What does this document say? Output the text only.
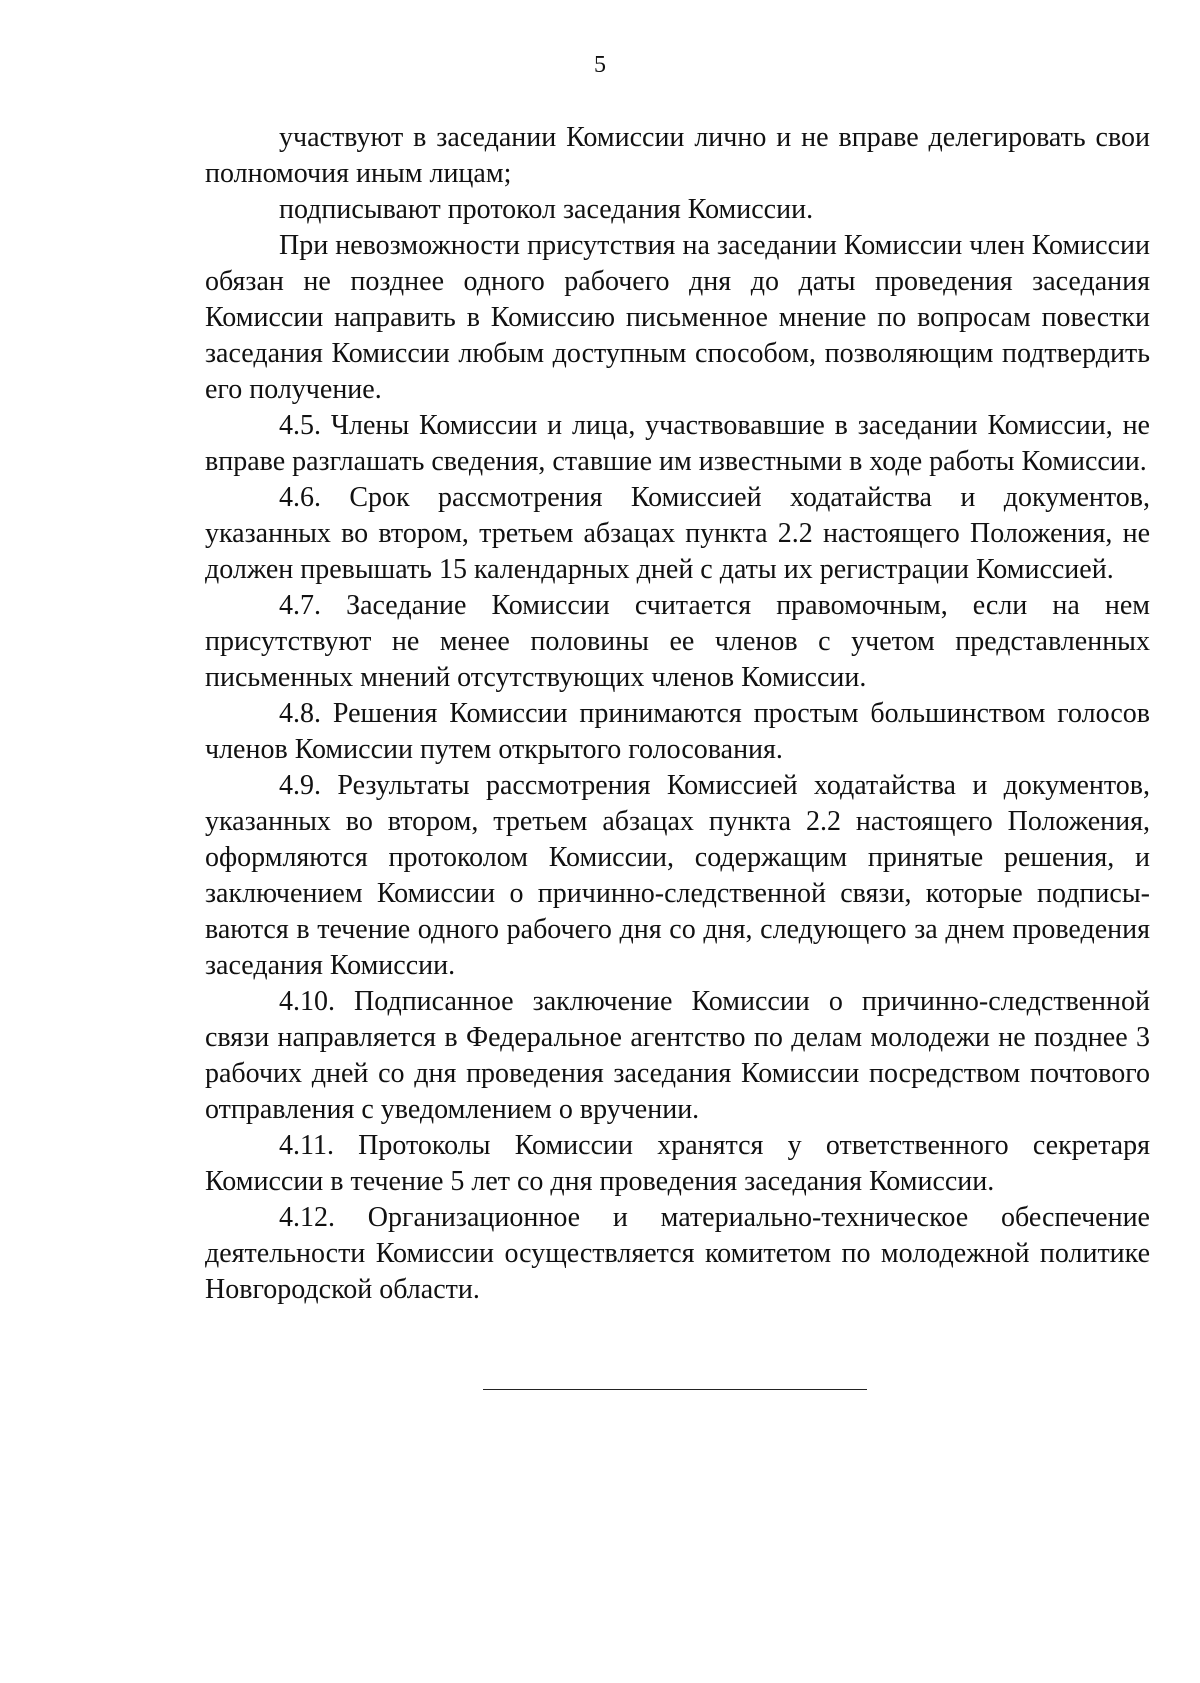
5

участвуют в заседании Комиссии лично и не вправе делегировать свои полномочия иным лицам;

подписывают протокол заседания Комиссии.

При невозможности присутствия на заседании Комиссии член Комиссии обязан не позднее одного рабочего дня до даты проведения заседания Комиссии направить в Комиссию письменное мнение по вопросам повестки заседания Комиссии любым доступным способом, позволяющим подтвердить его получение.

4.5. Члены Комиссии и лица, участвовавшие в заседании Комиссии, не вправе разглашать сведения, ставшие им известными в ходе работы Комиссии.

4.6. Срок рассмотрения Комиссией ходатайства и документов, указанных во втором, третьем абзацах пункта 2.2 настоящего Положения, не должен превышать 15 календарных дней с даты их регистрации Комиссией.

4.7. Заседание Комиссии считается правомочным, если на нем присутствуют не менее половины ее членов с учетом представленных письменных мнений отсутствующих членов Комиссии.

4.8. Решения Комиссии принимаются простым большинством голосов членов Комиссии путем открытого голосования.

4.9. Результаты рассмотрения Комиссией ходатайства и документов, указанных во втором, третьем абзацах пункта 2.2 настоящего Положения, оформляются протоколом Комиссии, содержащим принятые решения, и заключением Комиссии о причинно-следственной связи, которые подписываются в течение одного рабочего дня со дня, следующего за днем проведения заседания Комиссии.

4.10. Подписанное заключение Комиссии о причинно-следственной связи направляется в Федеральное агентство по делам молодежи не позднее 3 рабочих дней со дня проведения заседания Комиссии посредством почтового отправления с уведомлением о вручении.

4.11. Протоколы Комиссии хранятся у ответственного секретаря Комиссии в течение 5 лет со дня проведения заседания Комиссии.

4.12. Организационное и материально-техническое обеспечение деятельности Комиссии осуществляется комитетом по молодежной политике Новгородской области.
